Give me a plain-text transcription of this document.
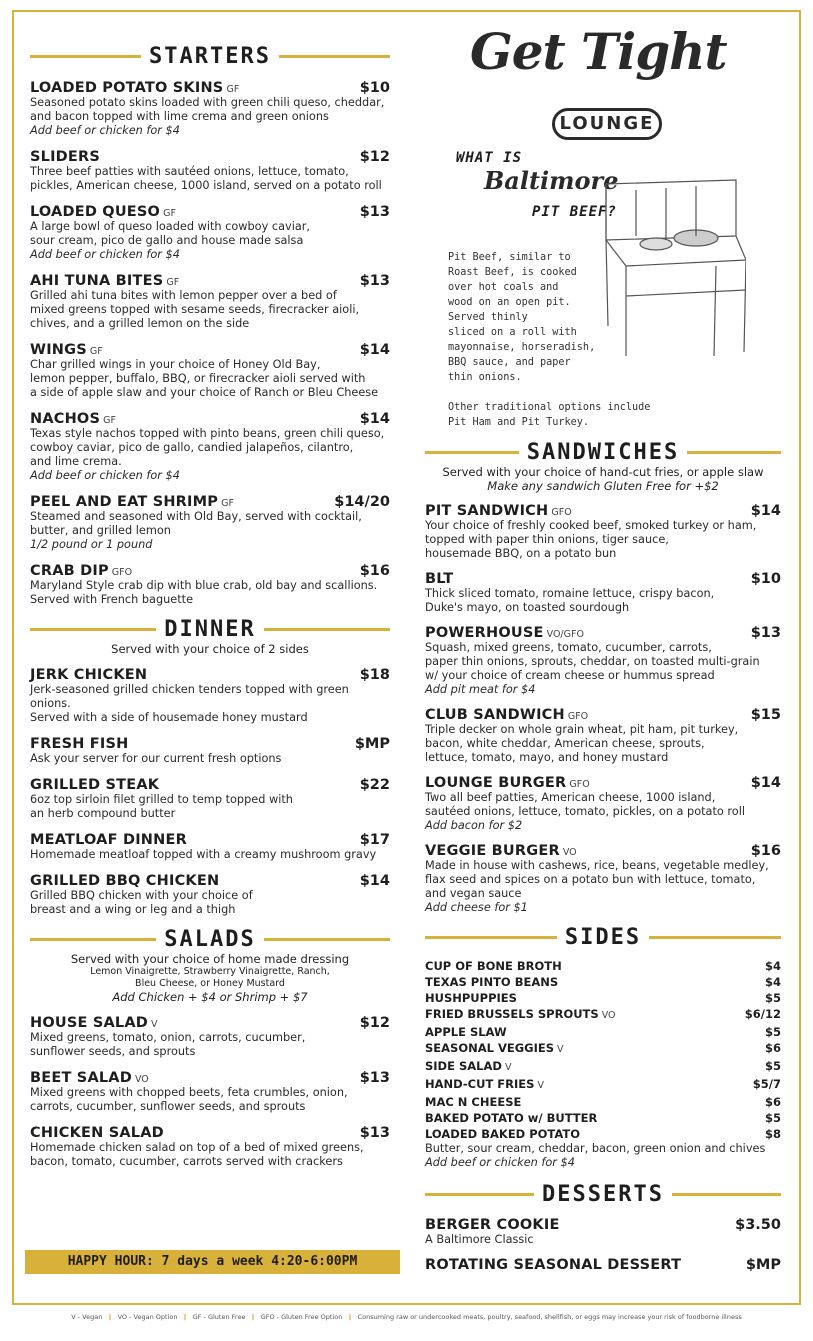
STARTERS
LOADED POTATO SKINS GF	$10
Seasoned potato skins loaded with green chili queso, cheddar,
and bacon topped with lime crema and green onions
Add beef or chicken for $4
SLIDERS	$12
Three beef patties with sautéed onions, lettuce, tomato,
pickles, American cheese, 1000 island, served on a potato roll
LOADED QUESO GF	$13
A large bowl of queso loaded with cowboy caviar,
sour cream, pico de gallo and house made salsa
Add beef or chicken for $4
AHI TUNA BITES GF	$13
Grilled ahi tuna bites with lemon pepper over a bed of
mixed greens topped with sesame seeds, firecracker aioli,
chives, and a grilled lemon on the side
WINGS GF	$14
Char grilled wings in your choice of Honey Old Bay,
lemon pepper, buffalo, BBQ, or firecracker aioli served with
a side of apple slaw and your choice of Ranch or Bleu Cheese
NACHOS GF	$14
Texas style nachos topped with pinto beans, green chili queso,
cowboy caviar, pico de gallo, candied jalapeños, cilantro,
and lime crema.
Add beef or chicken for $4
PEEL AND EAT SHRIMP GF	$14/20
Steamed and seasoned with Old Bay, served with cocktail,
butter, and grilled lemon
1/2 pound or 1 pound
CRAB DIP GFO	$16
Maryland Style crab dip with blue crab, old bay and scallions.
Served with French baguette
DINNER
Served with your choice of 2 sides
JERK CHICKEN	$18
Jerk-seasoned grilled chicken tenders topped with green onions.
Served with a side of housemade honey mustard
FRESH FISH	$MP
Ask your server for our current fresh options
GRILLED STEAK	$22
6oz top sirloin filet grilled to temp topped with
an herb compound butter
MEATLOAF DINNER	$17
Homemade meatloaf topped with a creamy mushroom gravy
GRILLED BBQ CHICKEN	$14
Grilled BBQ chicken with your choice of
breast and a wing or leg and a thigh
SALADS
Served with your choice of home made dressing
Lemon Vinaigrette, Strawberry Vinaigrette, Ranch,
Bleu Cheese, or Honey Mustard
Add Chicken + $4 or Shrimp + $7
HOUSE SALAD V	$12
Mixed greens, tomato, onion, carrots, cucumber,
sunflower seeds, and sprouts
BEET SALAD VO	$13
Mixed greens with chopped beets, feta crumbles, onion,
carrots, cucumber, sunflower seeds, and sprouts
CHICKEN SALAD	$13
Homemade chicken salad on top of a bed of mixed greens,
bacon, tomato, cucumber, carrots served with crackers
HAPPY HOUR: 7 days a week 4:20-6:00PM
Get Tight
LOUNGE
WHAT IS
Baltimore
PIT BEEF?
Pit Beef, similar to
Roast Beef, is cooked
over hot coals and
wood on an open pit.
Served thinly
sliced on a roll with
mayonnaise, horseradish,
BBQ sauce, and paper
thin onions.
Other traditional options include
Pit Ham and Pit Turkey.
SANDWICHES
Served with your choice of hand-cut fries, or apple slaw
Make any sandwich Gluten Free for +$2
PIT SANDWICH GFO	$14
Your choice of freshly cooked beef, smoked turkey or ham,
topped with paper thin onions, tiger sauce,
housemade BBQ, on a potato bun
BLT	$10
Thick sliced tomato, romaine lettuce, crispy bacon,
Duke's mayo, on toasted sourdough
POWERHOUSE VO/GFO	$13
Squash, mixed greens, tomato, cucumber, carrots,
paper thin onions, sprouts, cheddar, on toasted multi-grain
w/ your choice of cream cheese or hummus spread
Add pit meat for $4
CLUB SANDWICH GFO	$15
Triple decker on whole grain wheat, pit ham, pit turkey,
bacon, white cheddar, American cheese, sprouts,
lettuce, tomato, mayo, and honey mustard
LOUNGE BURGER GFO	$14
Two all beef patties, American cheese, 1000 island,
sautéed onions, lettuce, tomato, pickles, on a potato roll
Add bacon for $2
VEGGIE BURGER VO	$16
Made in house with cashews, rice, beans, vegetable medley,
flax seed and spices on a potato bun with lettuce, tomato,
and vegan sauce
Add cheese for $1
SIDES
CUP OF BONE BROTH	$4
TEXAS PINTO BEANS	$4
HUSHPUPPIES	$5
FRIED BRUSSELS SPROUTS VO	$6/12
APPLE SLAW	$5
SEASONAL VEGGIES V	$6
SIDE SALAD V	$5
HAND-CUT FRIES V	$5/7
MAC N CHEESE	$6
BAKED POTATO w/ BUTTER	$5
LOADED BAKED POTATO	$8
Butter, sour cream, cheddar, bacon, green onion and chives
Add beef or chicken for $4
DESSERTS
BERGER COOKIE	$3.50
A Baltimore Classic
ROTATING SEASONAL DESSERT	$MP
V - Vegan ‖ VO - Vegan Option ‖ GF - Gluten Free ‖ GFO - Gluten Free Option ‖ Consuming raw or undercooked meats, poultry, seafood, shellfish, or eggs may increase your risk of foodborne illness
